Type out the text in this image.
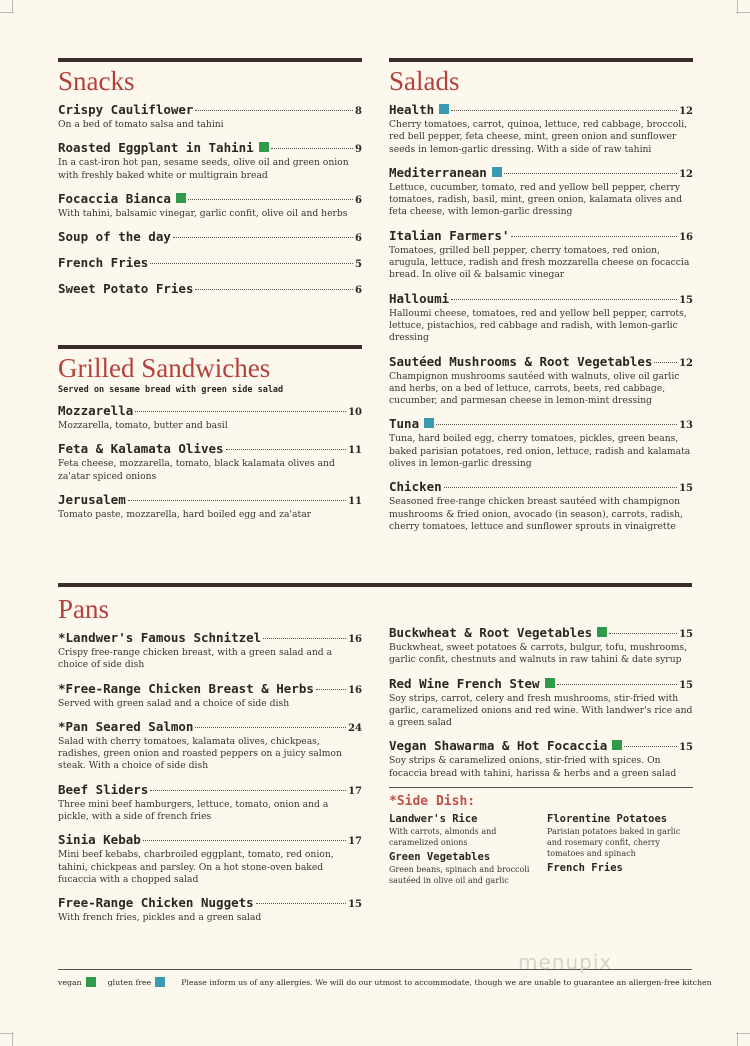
Snacks
Crispy Cauliflower	8
On a bed of tomato salsa and tahini
Roasted Eggplant in Tahini	9
In a cast-iron hot pan, sesame seeds, olive oil and green onion with freshly baked white or multigrain bread
Focaccia Bianca	6
With tahini, balsamic vinegar, garlic confit, olive oil and herbs
Soup of the day	6
French Fries	5
Sweet Potato Fries	6
Grilled Sandwiches
Served on sesame bread with green side salad
Mozzarella	10
Mozzarella, tomato, butter and basil
Feta & Kalamata Olives	11
Feta cheese, mozzarella, tomato, black kalamata olives and za'atar spiced onions
Jerusalem	11
Tomato paste, mozzarella, hard boiled egg and za'atar
Salads
Health	12
Cherry tomatoes, carrot, quinoa, lettuce, red cabbage, broccoli, red bell pepper, feta cheese, mint, green onion and sunflower seeds in lemon-garlic dressing. With a side of raw tahini
Mediterranean	12
Lettuce, cucumber, tomato, red and yellow bell pepper, cherry tomatoes, radish, basil, mint, green onion, kalamata olives and feta cheese, with lemon-garlic dressing
Italian Farmers'	16
Tomatoes, grilled bell pepper, cherry tomatoes, red onion, arugula, lettuce, radish and fresh mozzarella cheese on focaccia bread. In olive oil & balsamic vinegar
Halloumi	15
Halloumi cheese, tomatoes, red and yellow bell pepper, carrots, lettuce, pistachios, red cabbage and radish, with lemon-garlic dressing
Sautéed Mushrooms & Root Vegetables	12
Champignon mushrooms sautéed with walnuts, olive oil garlic and herbs, on a bed of lettuce, carrots, beets, red cabbage, cucumber, and parmesan cheese in lemon-mint dressing
Tuna	13
Tuna, hard boiled egg, cherry tomatoes, pickles, green beans, baked parisian potatoes, red onion, lettuce, radish and kalamata olives in lemon-garlic dressing
Chicken	15
Seasoned free-range chicken breast sautéed with champignon mushrooms & fried onion, avocado (in season), carrots, radish, cherry tomatoes, lettuce and sunflower sprouts in vinaigrette
Pans
*Landwer's Famous Schnitzel	16
Crispy free-range chicken breast, with a green salad and a choice of side dish
*Free-Range Chicken Breast & Herbs	16
Served with green salad and a choice of side dish
*Pan Seared Salmon	24
Salad with cherry tomatoes, kalamata olives, chickpeas, radishes, green onion and roasted peppers on a juicy salmon steak. With a choice of side dish
Beef Sliders	17
Three mini beef hamburgers, lettuce, tomato, onion and a pickle, with a side of french fries
Sinia Kebab	17
Mini beef kebabs, charbroiled eggplant, tomato, red onion, tahini, chickpeas and parsley. On a hot stone-oven baked fucaccia with a chopped salad
Free-Range Chicken Nuggets	15
With french fries, pickles and a green salad
Buckwheat & Root Vegetables	15
Buckwheat, sweet potatoes & carrots, bulgur, tofu, mushrooms, garlic confit, chestnuts and walnuts in raw tahini & date syrup
Red Wine French Stew	15
Soy strips, carrot, celery and fresh mushrooms, stir-fried with garlic, caramelized onions and red wine. With landwer's rice and a green salad
Vegan Shawarma & Hot Focaccia	15
Soy strips & caramelized onions, stir-fried with spices. On focaccia bread with tahini, harissa & herbs and a green salad
*Side Dish:
Landwer's Rice
With carrots, almonds and caramelized onions
Green Vegetables
Green beans, spinach and broccoli sautéed in olive oil and garlic
Florentine Potatoes
Parisian potatoes baked in garlic and rosemary confit, cherry tomatoes and spinach
French Fries
menupix
vegan	gluten free	Please inform us of any allergies. We will do our utmost to accommodate, though we are unable to guarantee an allergen-free kitchen
